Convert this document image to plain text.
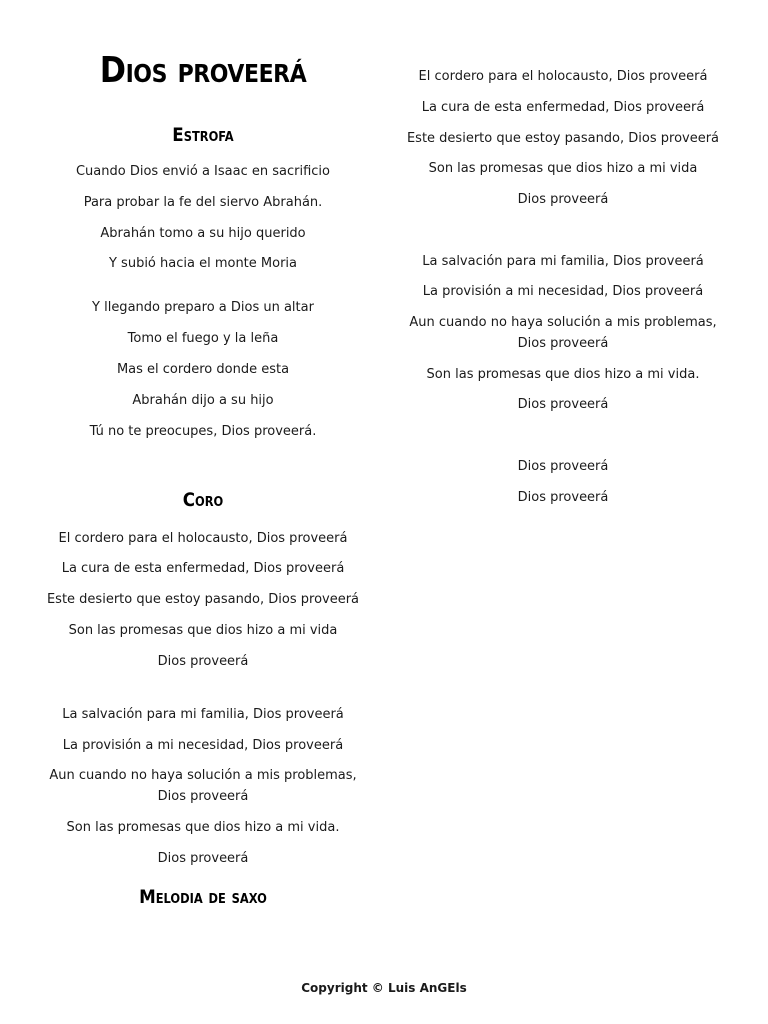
Dios proveerá
Estrofa
Cuando Dios envió a Isaac en sacrificio
Para probar la fe del siervo Abrahán.
Abrahán tomo a su hijo querido
Y subió hacia el monte Moria
Y llegando preparo a Dios un altar
Tomo el fuego y la leña
Mas el cordero donde esta
Abrahán dijo a su hijo
Tú no te preocupes, Dios proveerá.
Coro
El cordero para el holocausto, Dios proveerá
La cura de esta enfermedad, Dios proveerá
Este desierto que estoy pasando, Dios proveerá
Son las promesas que dios hizo a mi vida
Dios proveerá
La salvación para mi familia, Dios proveerá
La provisión a mi necesidad, Dios proveerá
Aun cuando no haya solución a mis problemas,
Dios proveerá
Son las promesas que dios hizo a mi vida.
Dios proveerá
Melodia de saxo
El cordero para el holocausto, Dios proveerá
La cura de esta enfermedad, Dios proveerá
Este desierto que estoy pasando, Dios proveerá
Son las promesas que dios hizo a mi vida
Dios proveerá
La salvación para mi familia, Dios proveerá
La provisión a mi necesidad, Dios proveerá
Aun cuando no haya solución a mis problemas,
Dios proveerá
Son las promesas que dios hizo a mi vida.
Dios proveerá
Dios proveerá
Dios proveerá
Copyright © Luis AnGEls
